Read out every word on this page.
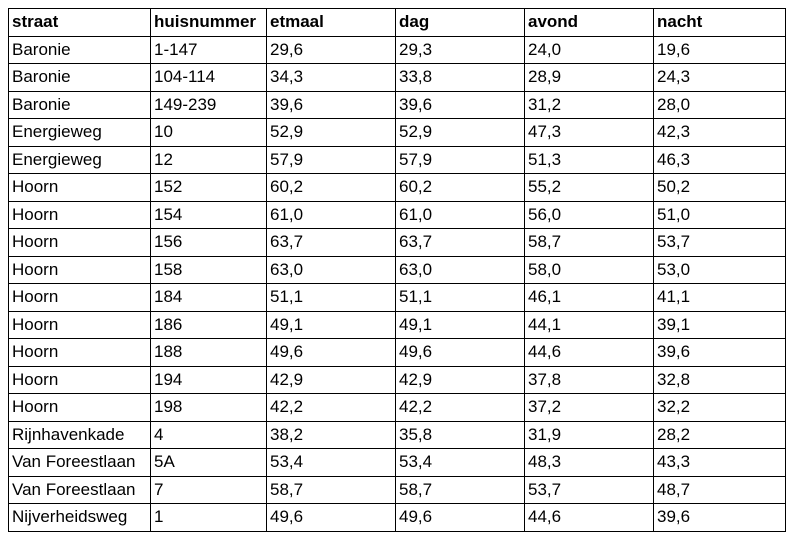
straat	huisnummer	etmaal	dag	avond	nacht
Baronie	1-147	29,6	29,3	24,0	19,6
Baronie	104-114	34,3	33,8	28,9	24,3
Baronie	149-239	39,6	39,6	31,2	28,0
Energieweg	10	52,9	52,9	47,3	42,3
Energieweg	12	57,9	57,9	51,3	46,3
Hoorn	152	60,2	60,2	55,2	50,2
Hoorn	154	61,0	61,0	56,0	51,0
Hoorn	156	63,7	63,7	58,7	53,7
Hoorn	158	63,0	63,0	58,0	53,0
Hoorn	184	51,1	51,1	46,1	41,1
Hoorn	186	49,1	49,1	44,1	39,1
Hoorn	188	49,6	49,6	44,6	39,6
Hoorn	194	42,9	42,9	37,8	32,8
Hoorn	198	42,2	42,2	37,2	32,2
Rijnhavenkade	4	38,2	35,8	31,9	28,2
Van Foreestlaan	5A	53,4	53,4	48,3	43,3
Van Foreestlaan	7	58,7	58,7	53,7	48,7
Nijverheidsweg	1	49,6	49,6	44,6	39,6
